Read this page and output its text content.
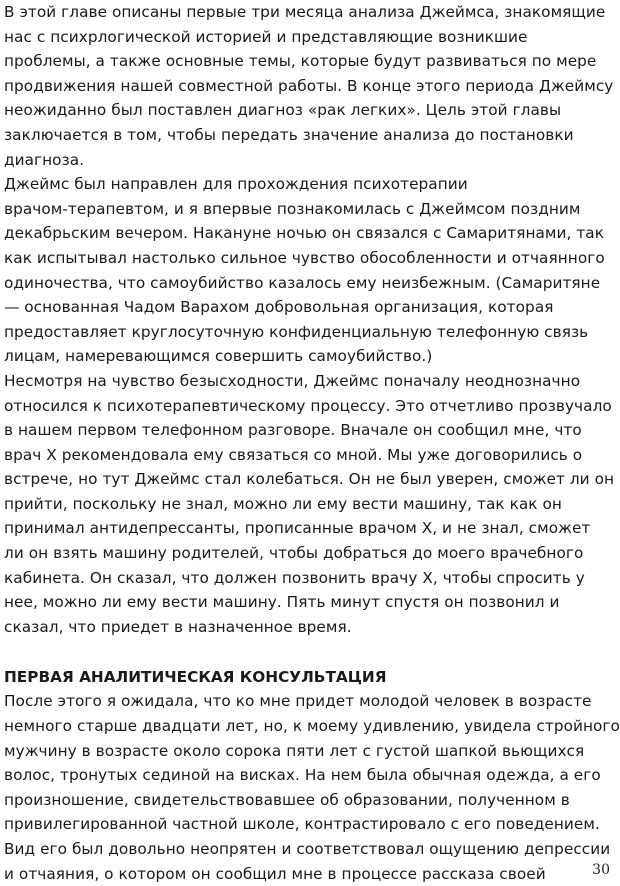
В этой главе описаны первые три месяца анализа Джеймса, знакомящие
нас с психрлогической историей и представляющие возникшие
проблемы, а также основные темы, которые будут развиваться по мере
продвижения нашей совместной работы. В конце этого периода Джеймсу
неожиданно был поставлен диагноз «рак легких». Цель этой главы
заключается в том, чтобы передать значение анализа до постановки
диагноза.
Джеймс был направлен для прохождения психотерапии
врачом-терапевтом, и я впервые познакомилась с Джеймсом поздним
декабрьским вечером. Накануне ночью он связался с Самаритянами, так
как испытывал настолько сильное чувство обособленности и отчаянного
одиночества, что самоубийство казалось ему неизбежным. (Самаритяне
— основанная Чадом Варахом добровольная организация, которая
предоставляет круглосуточную конфиденциальную телефонную связь
лицам, намеревающимся совершить самоубийство.)
Несмотря на чувство безысходности, Джеймс поначалу неоднозначно
относился к психотерапевтическому процессу. Это отчетливо прозвучало
в нашем первом телефонном разговоре. Вначале он сообщил мне, что
врач X рекомендовала ему связаться со мной. Мы уже договорились о
встрече, но тут Джеймс стал колебаться. Он не был уверен, сможет ли он
прийти, поскольку не знал, можно ли ему вести машину, так как он
принимал антидепрессанты, прописанные врачом X, и не знал, сможет
ли он взять машину родителей, чтобы добраться до моего врачебного
кабинета. Он сказал, что должен позвонить врачу X, чтобы спросить у
нее, можно ли ему вести машину. Пять минут спустя он позвонил и
сказал, что приедет в назначенное время.
ПЕРВАЯ АНАЛИТИЧЕСКАЯ КОНСУЛЬТАЦИЯ
После этого я ожидала, что ко мне придет молодой человек в возрасте
немного старше двадцати лет, но, к моему удивлению, увидела стройного
мужчину в возрасте около сорока пяти лет с густой шапкой вьющихся
волос, тронутых сединой на висках. На нем была обычная одежда, а его
произношение, свидетельствовавшее об образовании, полученном в
привилегированной частной школе, контрастировало с его поведением.
Вид его был довольно неопрятен и соответствовал ощущению депрессии
и отчаяния, о котором он сообщил мне в процессе рассказа своей	30
